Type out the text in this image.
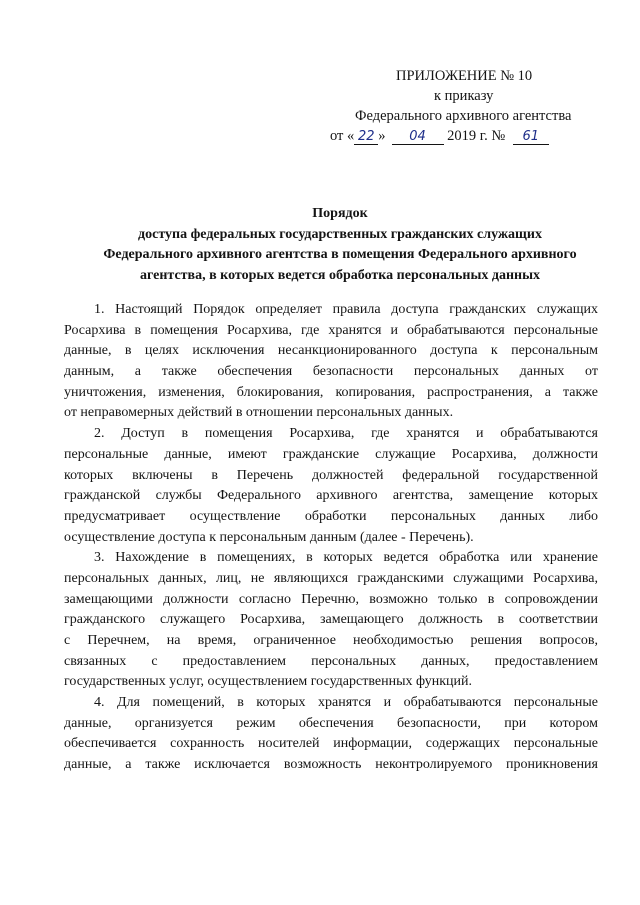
ПРИЛОЖЕНИЕ № 10
к приказу
Федерального архивного агентства
от « 22 » 04 2019 г. № 61
Порядок
доступа федеральных государственных гражданских служащих
Федерального архивного агентства в помещения Федерального архивного
агентства, в которых ведется обработка персональных данных
1. Настоящий Порядок определяет правила доступа гражданских служащих
Росархива в помещения Росархива, где хранятся и обрабатываются персональные
данные, в целях исключения несанкционированного доступа к персональным
данным, а также обеспечения безопасности персональных данных от
уничтожения, изменения, блокирования, копирования, распространения, а также
от неправомерных действий в отношении персональных данных.
2. Доступ в помещения Росархива, где хранятся и обрабатываются
персональные данные, имеют гражданские служащие Росархива, должности
которых включены в Перечень должностей федеральной государственной
гражданской службы Федерального архивного агентства, замещение которых
предусматривает осуществление обработки персональных данных либо
осуществление доступа к персональным данным (далее - Перечень).
3. Нахождение в помещениях, в которых ведется обработка или хранение
персональных данных, лиц, не являющихся гражданскими служащими Росархива,
замещающими должности согласно Перечню, возможно только в сопровождении
гражданского служащего Росархива, замещающего должность в соответствии
с Перечнем, на время, ограниченное необходимостью решения вопросов,
связанных с предоставлением персональных данных, предоставлением
государственных услуг, осуществлением государственных функций.
4. Для помещений, в которых хранятся и обрабатываются персональные
данные, организуется режим обеспечения безопасности, при котором
обеспечивается сохранность носителей информации, содержащих персональные
данные, а также исключается возможность неконтролируемого проникновения
